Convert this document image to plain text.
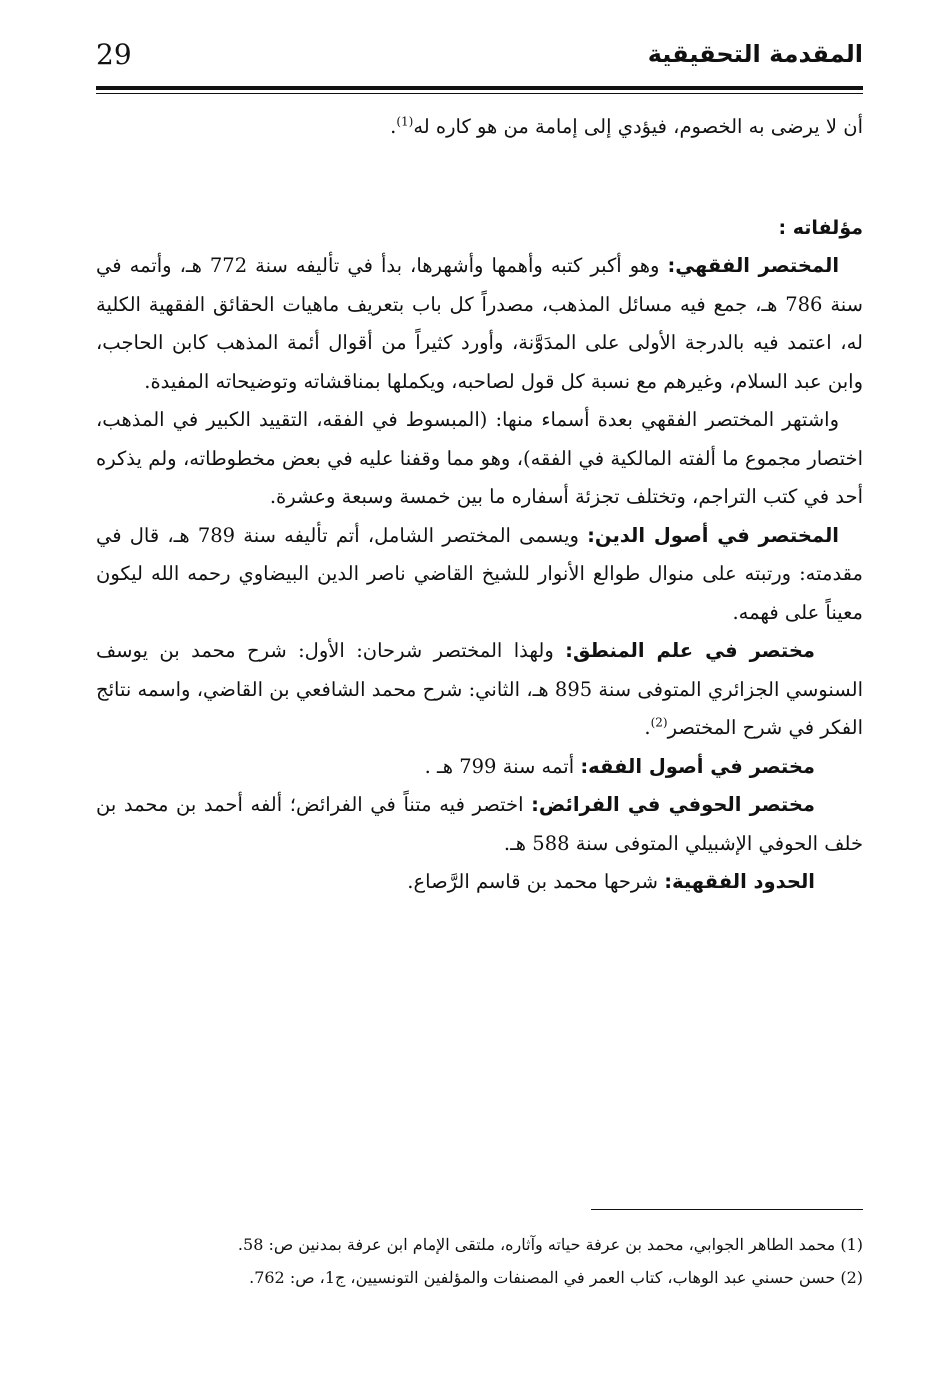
29	المقدمة التحقيقية

أن لا يرضى به الخصوم، فيؤدي إلى إمامة من هو كاره له$^{(1)}$.

مؤلفاته :

المختصر الفقهي: وهو أكبر كتبه وأهمها وأشهرها، بدأ في تأليفه سنة 772 هـ، وأتمه في سنة 786 هـ، جمع فيه مسائل المذهب، مصدراً كل باب بتعريف ماهيات الحقائق الفقهية الكلية له، اعتمد فيه بالدرجة الأولى على المدَوَّنة، وأورد كثيراً من أقوال أئمة المذهب كابن الحاجب، وابن عبد السلام، وغيرهم مع نسبة كل قول لصاحبه، ويكملها بمناقشاته وتوضيحاته المفيدة.

واشتهر المختصر الفقهي بعدة أسماء منها: (المبسوط في الفقه، التقييد الكبير في المذهب، اختصار مجموع ما ألفته المالكية في الفقه)، وهو مما وقفنا عليه في بعض مخطوطاته، ولم يذكره أحد في كتب التراجم، وتختلف تجزئة أسفاره ما بين خمسة وسبعة وعشرة.

المختصر في أصول الدين: ويسمى المختصر الشامل، أتم تأليفه سنة 789 هـ، قال في مقدمته: ورتبته على منوال طوالع الأنوار للشيخ القاضي ناصر الدين البيضاوي رحمه الله ليكون معيناً على فهمه.

مختصر في علم المنطق: ولهذا المختصر شرحان: الأول: شرح محمد بن يوسف السنوسي الجزائري المتوفى سنة 895 هـ، الثاني: شرح محمد الشافعي بن القاضي، واسمه نتائج الفكر في شرح المختصر$^{(2)}$.

مختصر في أصول الفقه: أتمه سنة 799 هـ .

مختصر الحوفي في الفرائض: اختصر فيه متناً في الفرائض؛ ألفه أحمد بن محمد بن خلف الحوفي الإشبيلي المتوفى سنة 588 هـ.

الحدود الفقهية: شرحها محمد بن قاسم الرَّصاع.

(1) محمد الطاهر الجوابي، محمد بن عرفة حياته وآثاره، ملتقى الإمام ابن عرفة بمدنين ص: 58.

(2) حسن حسني عبد الوهاب، كتاب العمر في المصنفات والمؤلفين التونسيين، ج1، ص: 762.
